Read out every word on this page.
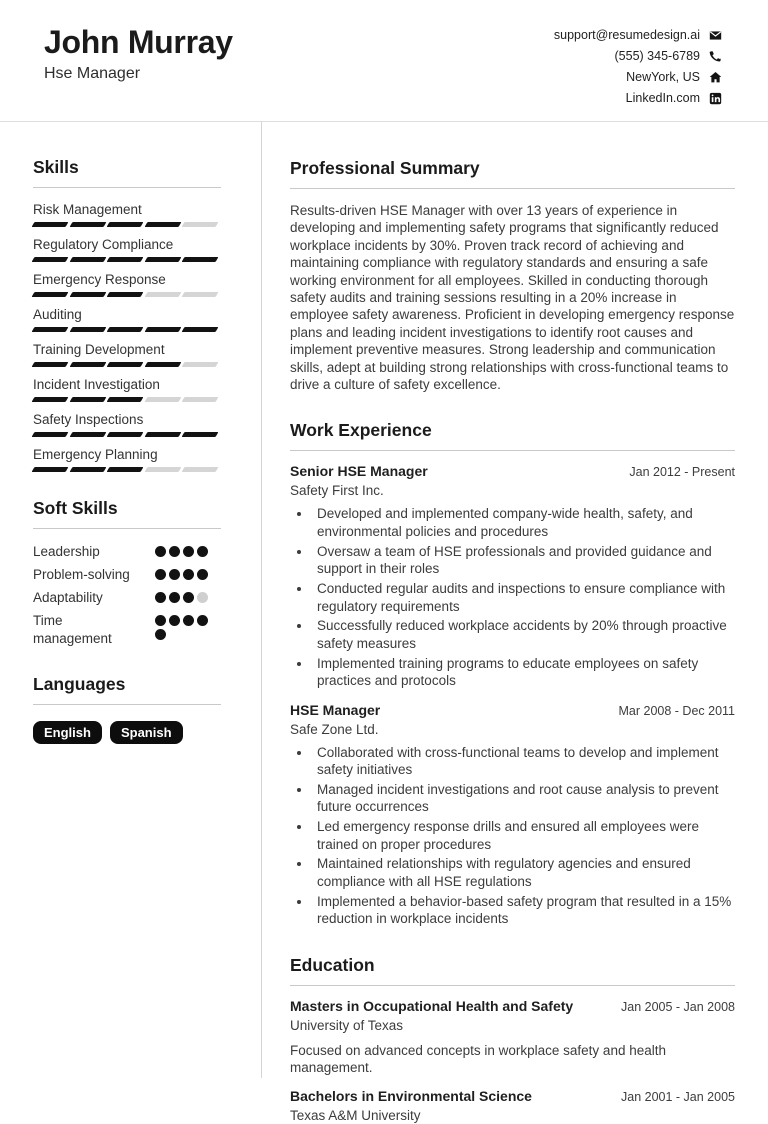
John Murray
Hse Manager
support@resumedesign.ai
(555) 345-6789
NewYork, US
LinkedIn.com
Skills
Risk Management
Regulatory Compliance
Emergency Response
Auditing
Training Development
Incident Investigation
Safety Inspections
Emergency Planning
Soft Skills
Leadership
Problem-solving
Adaptability
Time management
Languages
English	Spanish
Professional Summary

Results-driven HSE Manager with over 13 years of experience in developing and implementing safety programs that significantly reduced workplace incidents by 30%. Proven track record of achieving and maintaining compliance with regulatory standards and ensuring a safe working environment for all employees. Skilled in conducting thorough safety audits and training sessions resulting in a 20% increase in employee safety awareness. Proficient in developing emergency response plans and leading incident investigations to identify root causes and implement preventive measures. Strong leadership and communication skills, adept at building strong relationships with cross-functional teams to drive a culture of safety excellence.

Work Experience
Senior HSE Manager	Jan 2012 - Present
Safety First Inc.
• Developed and implemented company-wide health, safety, and environmental policies and procedures
• Oversaw a team of HSE professionals and provided guidance and support in their roles
• Conducted regular audits and inspections to ensure compliance with regulatory requirements
• Successfully reduced workplace accidents by 20% through proactive safety measures
• Implemented training programs to educate employees on safety practices and protocols
HSE Manager	Mar 2008 - Dec 2011
Safe Zone Ltd.
• Collaborated with cross-functional teams to develop and implement safety initiatives
• Managed incident investigations and root cause analysis to prevent future occurrences
• Led emergency response drills and ensured all employees were trained on proper procedures
• Maintained relationships with regulatory agencies and ensured compliance with all HSE regulations
• Implemented a behavior-based safety program that resulted in a 15% reduction in workplace incidents
Education
Masters in Occupational Health and Safety	Jan 2005 - Jan 2008
University of Texas

Focused on advanced concepts in workplace safety and health management.

Bachelors in Environmental Science	Jan 2001 - Jan 2005
Texas A&M University
